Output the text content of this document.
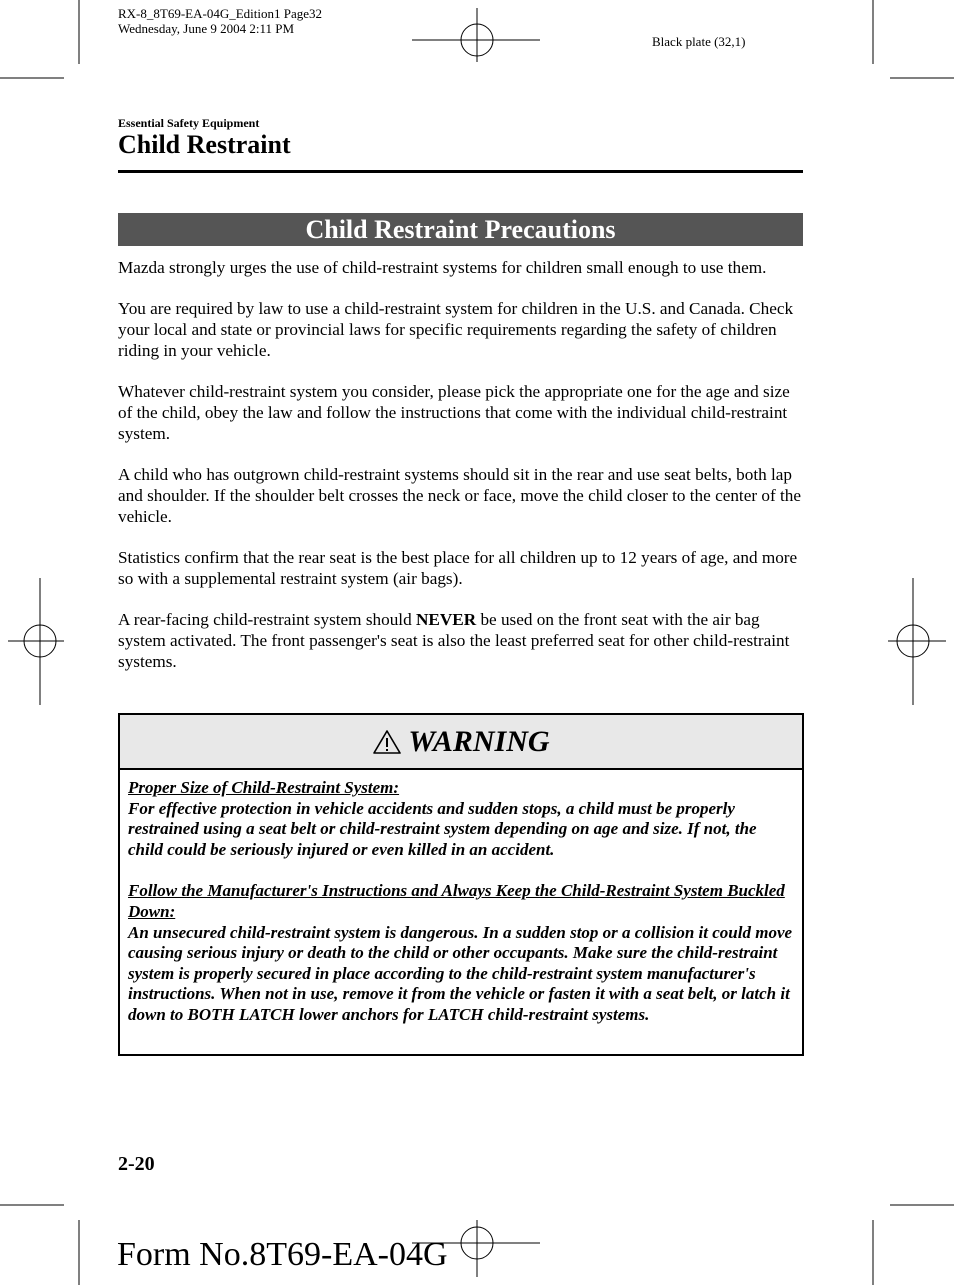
RX-8_8T69-EA-04G_Edition1 Page32
Wednesday, June 9 2004 2:11 PM
Black plate (32,1)
Essential Safety Equipment
Child Restraint
Child Restraint Precautions

Mazda strongly urges the use of child-restraint systems for children small enough to use them.

You are required by law to use a child-restraint system for children in the U.S. and Canada. Check your local and state or provincial laws for specific requirements regarding the safety of children riding in your vehicle.

Whatever child-restraint system you consider, please pick the appropriate one for the age and size of the child, obey the law and follow the instructions that come with the individual child-restraint system.

A child who has outgrown child-restraint systems should sit in the rear and use seat belts, both lap and shoulder. If the shoulder belt crosses the neck or face, move the child closer to the center of the vehicle.

Statistics confirm that the rear seat is the best place for all children up to 12 years of age, and more so with a supplemental restraint system (air bags).

A rear-facing child-restraint system should NEVER be used on the front seat with the air bag system activated. The front passenger's seat is also the least preferred seat for other child-restraint systems.

WARNING

Proper Size of Child-Restraint System:
For effective protection in vehicle accidents and sudden stops, a child must be properly restrained using a seat belt or child-restraint system depending on age and size. If not, the child could be seriously injured or even killed in an accident.

Follow the Manufacturer's Instructions and Always Keep the Child-Restraint System Buckled Down:
An unsecured child-restraint system is dangerous. In a sudden stop or a collision it could move causing serious injury or death to the child or other occupants. Make sure the child-restraint system is properly secured in place according to the child-restraint system manufacturer's instructions. When not in use, remove it from the vehicle or fasten it with a seat belt, or latch it down to BOTH LATCH lower anchors for LATCH child-restraint systems.

2-20
Form No.8T69-EA-04G
